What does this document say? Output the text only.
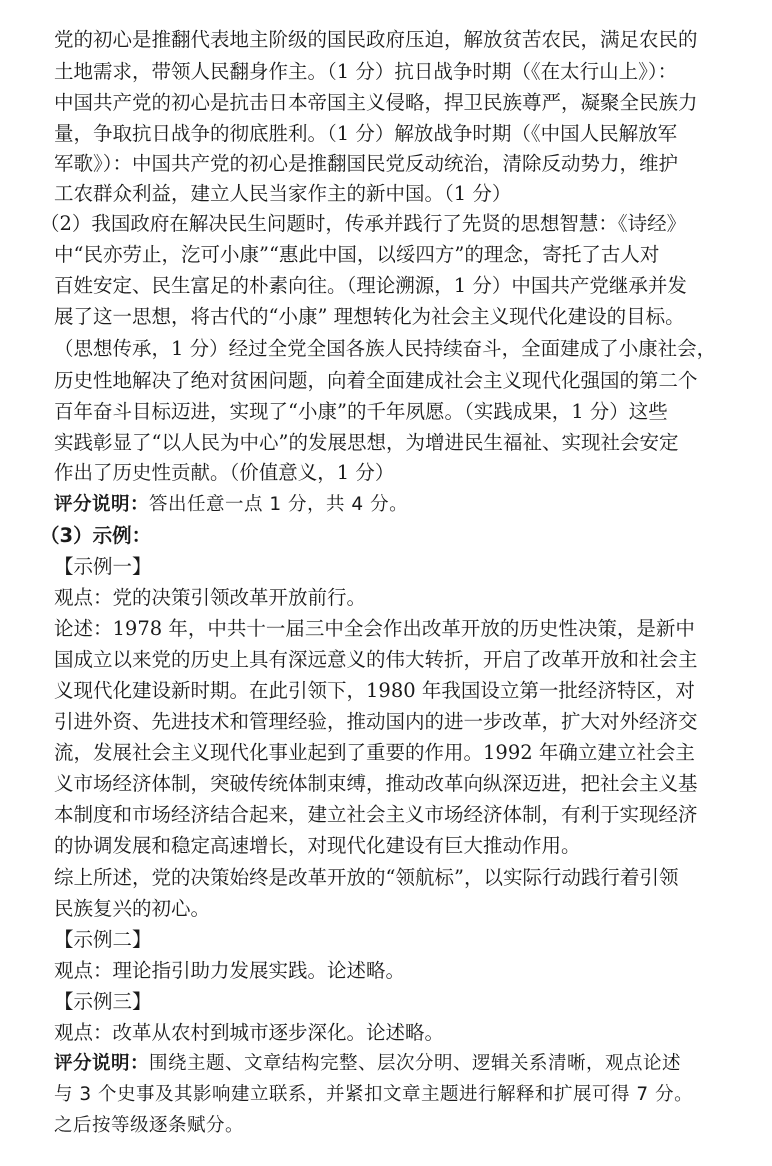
党的初心是推翻代表地主阶级的国民政府压迫，解放贫苦农民，满足农民的
土地需求，带领人民翻身作主。（1 分）抗日战争时期（《在太行山上》）：
中国共产党的初心是抗击日本帝国主义侵略，捍卫民族尊严，凝聚全民族力
量，争取抗日战争的彻底胜利。（1 分）解放战争时期（《中国人民解放军
军歌》）：中国共产党的初心是推翻国民党反动统治，清除反动势力，维护
工农群众利益，建立人民当家作主的新中国。（1 分）
（2）我国政府在解决民生问题时，传承并践行了先贤的思想智慧：《诗经》
中“民亦劳止，汔可小康”“惠此中国，以绥四方”的理念，寄托了古人对
百姓安定、民生富足的朴素向往。（理论溯源，1 分）中国共产党继承并发
展了这一思想，将古代的“小康” 理想转化为社会主义现代化建设的目标。
（思想传承，1 分）经过全党全国各族人民持续奋斗，全面建成了小康社会，
历史性地解决了绝对贫困问题，向着全面建成社会主义现代化强国的第二个
百年奋斗目标迈进，实现了“小康”的千年夙愿。（实践成果，1 分）这些
实践彰显了“以人民为中心”的发展思想，为增进民生福祉、实现社会安定
作出了历史性贡献。（价值意义，1 分）
评分说明：答出任意一点 1 分，共 4 分。
（3）示例：
【示例一】
观点：党的决策引领改革开放前行。
论述：1978 年，中共十一届三中全会作出改革开放的历史性决策，是新中
国成立以来党的历史上具有深远意义的伟大转折，开启了改革开放和社会主
义现代化建设新时期。在此引领下，1980 年我国设立第一批经济特区，对
引进外资、先进技术和管理经验，推动国内的进一步改革，扩大对外经济交
流，发展社会主义现代化事业起到了重要的作用。1992 年确立建立社会主
义市场经济体制，突破传统体制束缚，推动改革向纵深迈进，把社会主义基
本制度和市场经济结合起来，建立社会主义市场经济体制，有利于实现经济
的协调发展和稳定高速增长，对现代化建设有巨大推动作用。
综上所述，党的决策始终是改革开放的“领航标”，以实际行动践行着引领
民族复兴的初心。
【示例二】
观点：理论指引助力发展实践。论述略。
【示例三】
观点：改革从农村到城市逐步深化。论述略。
评分说明：围绕主题、文章结构完整、层次分明、逻辑关系清晰，观点论述
与 3 个史事及其影响建立联系，并紧扣文章主题进行解释和扩展可得 7 分。
之后按等级逐条赋分。
